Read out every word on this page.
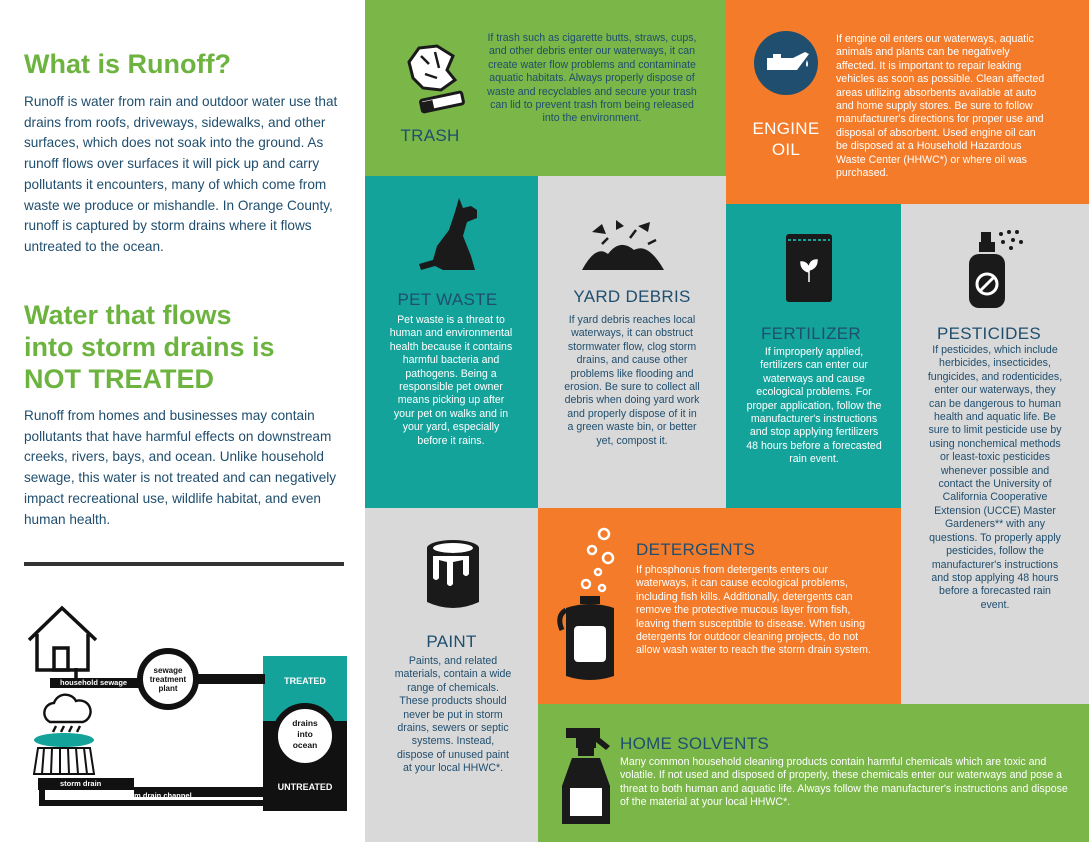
What is Runoff?
Runoff is water from rain and outdoor water use that drains from roofs, driveways, sidewalks, and other surfaces, which does not soak into the ground. As runoff flows over surfaces it will pick up and carry pollutants it encounters, many of which come from waste we produce or mishandle. In Orange County, runoff is captured by storm drains where it flows untreated to the ocean.
Water that flows
into storm drains is
NOT TREATED
Runoff from homes and businesses may contain pollutants that have harmful effects on downstream creeks, rivers, bays, and ocean. Unlike household sewage, this water is not treated and can negatively impact recreational use, wildlife habitat, and even human health.
household sewage
sewage
treatment
plant
TREATED
drains
into
ocean
UNTREATED
storm drain
storm drain channel
TRASH
If trash such as cigarette butts, straws, cups, and other debris enter our waterways, it can create water flow problems and contaminate aquatic habitats. Always properly dispose of waste and recyclables and secure your trash can lid to prevent trash from being released into the environment.
ENGINE
OIL
If engine oil enters our waterways, aquatic animals and plants can be negatively affected. It is important to repair leaking vehicles as soon as possible. Clean affected areas utilizing absorbents available at auto and home supply stores. Be sure to follow manufacturer's directions for proper use and disposal of absorbent. Used engine oil can be disposed at a Household Hazardous Waste Center (HHWC*) or where oil was purchased.
PET WASTE
Pet waste is a threat to human and environmental health because it contains harmful bacteria and pathogens. Being a responsible pet owner means picking up after your pet on walks and in your yard, especially before it rains.
YARD DEBRIS
If yard debris reaches local waterways, it can obstruct stormwater flow, clog storm drains, and cause other problems like flooding and erosion. Be sure to collect all debris when doing yard work and properly dispose of it in a green waste bin, or better yet, compost it.
FERTILIZER
If improperly applied, fertilizers can enter our waterways and cause ecological problems. For proper application, follow the manufacturer's instructions and stop applying fertilizers 48 hours before a forecasted rain event.
PESTICIDES
If pesticides, which include herbicides, insecticides, fungicides, and rodenticides, enter our waterways, they can be dangerous to human health and aquatic life. Be sure to limit pesticide use by using nonchemical methods or least-toxic pesticides whenever possible and contact the University of California Cooperative Extension (UCCE) Master Gardeners** with any questions. To properly apply pesticides, follow the manufacturer's instructions and stop applying 48 hours before a forecasted rain event.
PAINT
Paints, and related materials, contain a wide range of chemicals. These products should never be put in storm drains, sewers or septic systems. Instead, dispose of unused paint at your local HHWC*.
DETERGENTS
If phosphorus from detergents enters our waterways, it can cause ecological problems, including fish kills. Additionally, detergents can remove the protective mucous layer from fish, leaving them susceptible to disease. When using detergents for outdoor cleaning projects, do not allow wash water to reach the storm drain system.
HOME SOLVENTS
Many common household cleaning products contain harmful chemicals which are toxic and volatile. If not used and disposed of properly, these chemicals enter our waterways and pose a threat to both human and aquatic life. Always follow the manufacturer's instructions and dispose of the material at your local HHWC*.
